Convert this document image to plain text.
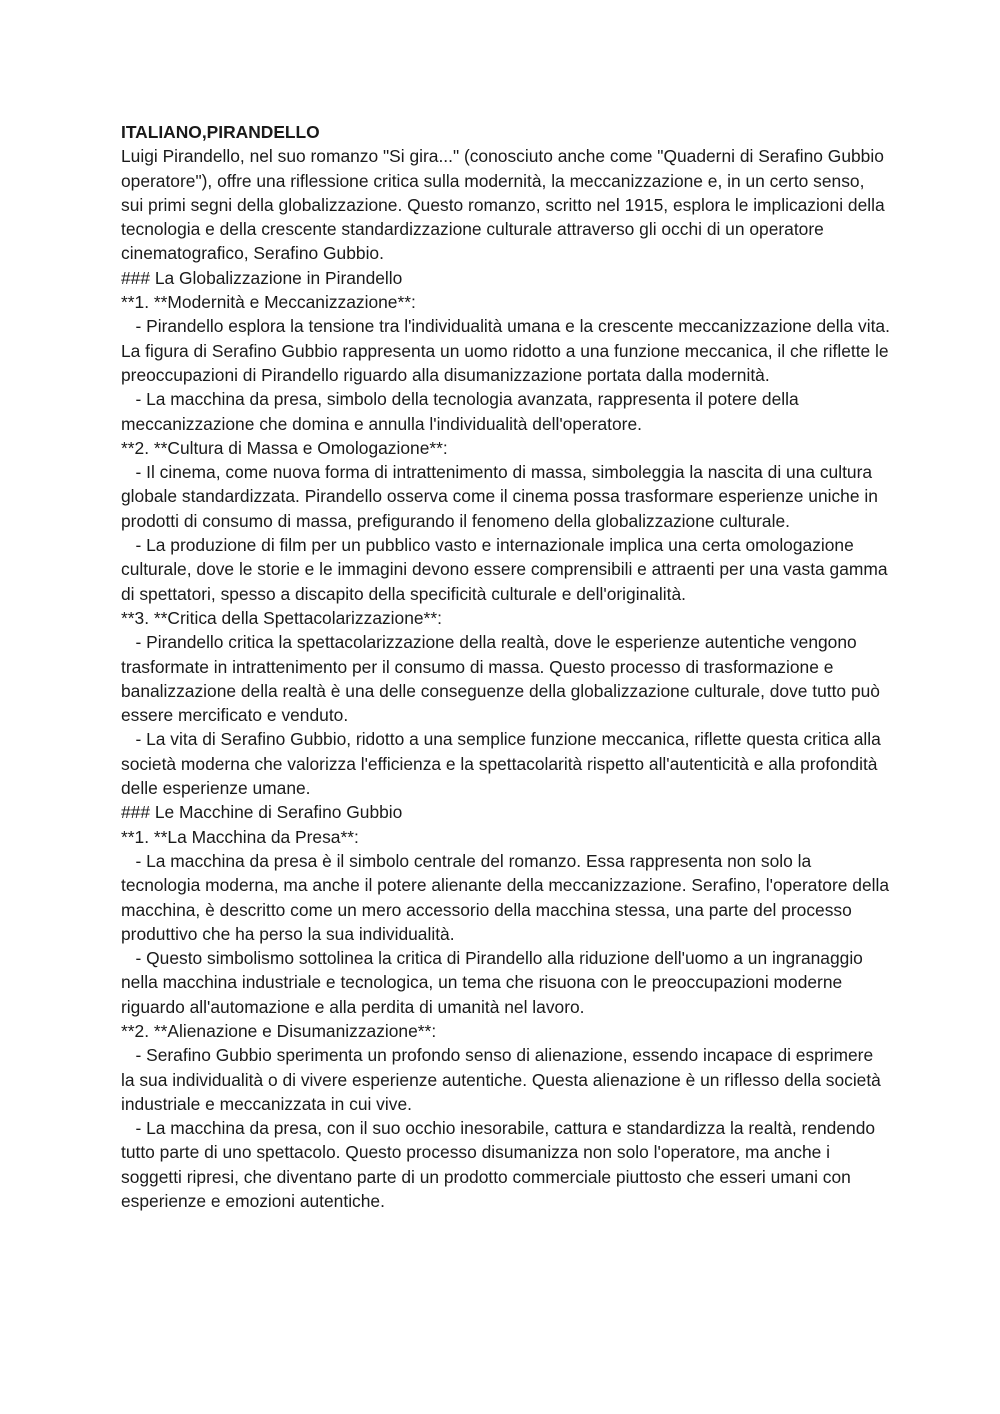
ITALIANO,PIRANDELLO

Luigi Pirandello, nel suo romanzo "Si gira..." (conosciuto anche come "Quaderni di Serafino Gubbio operatore"), offre una riflessione critica sulla modernità, la meccanizzazione e, in un certo senso, sui primi segni della globalizzazione. Questo romanzo, scritto nel 1915, esplora le implicazioni della tecnologia e della crescente standardizzazione culturale attraverso gli occhi di un operatore cinematografico, Serafino Gubbio.

### La Globalizzazione in Pirandello

**1. **Modernità e Meccanizzazione**:

- Pirandello esplora la tensione tra l'individualità umana e la crescente meccanizzazione della vita. La figura di Serafino Gubbio rappresenta un uomo ridotto a una funzione meccanica, il che riflette le preoccupazioni di Pirandello riguardo alla disumanizzazione portata dalla modernità.

- La macchina da presa, simbolo della tecnologia avanzata, rappresenta il potere della meccanizzazione che domina e annulla l'individualità dell'operatore.

**2. **Cultura di Massa e Omologazione**:

- Il cinema, come nuova forma di intrattenimento di massa, simboleggia la nascita di una cultura globale standardizzata. Pirandello osserva come il cinema possa trasformare esperienze uniche in prodotti di consumo di massa, prefigurando il fenomeno della globalizzazione culturale.

- La produzione di film per un pubblico vasto e internazionale implica una certa omologazione culturale, dove le storie e le immagini devono essere comprensibili e attraenti per una vasta gamma di spettatori, spesso a discapito della specificità culturale e dell'originalità.

**3. **Critica della Spettacolarizzazione**:

- Pirandello critica la spettacolarizzazione della realtà, dove le esperienze autentiche vengono trasformate in intrattenimento per il consumo di massa. Questo processo di trasformazione e banalizzazione della realtà è una delle conseguenze della globalizzazione culturale, dove tutto può essere mercificato e venduto.

- La vita di Serafino Gubbio, ridotto a una semplice funzione meccanica, riflette questa critica alla società moderna che valorizza l'efficienza e la spettacolarità rispetto all'autenticità e alla profondità delle esperienze umane.

### Le Macchine di Serafino Gubbio

**1. **La Macchina da Presa**:

- La macchina da presa è il simbolo centrale del romanzo. Essa rappresenta non solo la tecnologia moderna, ma anche il potere alienante della meccanizzazione. Serafino, l'operatore della macchina, è descritto come un mero accessorio della macchina stessa, una parte del processo produttivo che ha perso la sua individualità.

- Questo simbolismo sottolinea la critica di Pirandello alla riduzione dell'uomo a un ingranaggio nella macchina industriale e tecnologica, un tema che risuona con le preoccupazioni moderne riguardo all'automazione e alla perdita di umanità nel lavoro.

**2. **Alienazione e Disumanizzazione**:

- Serafino Gubbio sperimenta un profondo senso di alienazione, essendo incapace di esprimere la sua individualità o di vivere esperienze autentiche. Questa alienazione è un riflesso della società industriale e meccanizzata in cui vive.

- La macchina da presa, con il suo occhio inesorabile, cattura e standardizza la realtà, rendendo tutto parte di uno spettacolo. Questo processo disumanizza non solo l'operatore, ma anche i soggetti ripresi, che diventano parte di un prodotto commerciale piuttosto che esseri umani con esperienze e emozioni autentiche.
